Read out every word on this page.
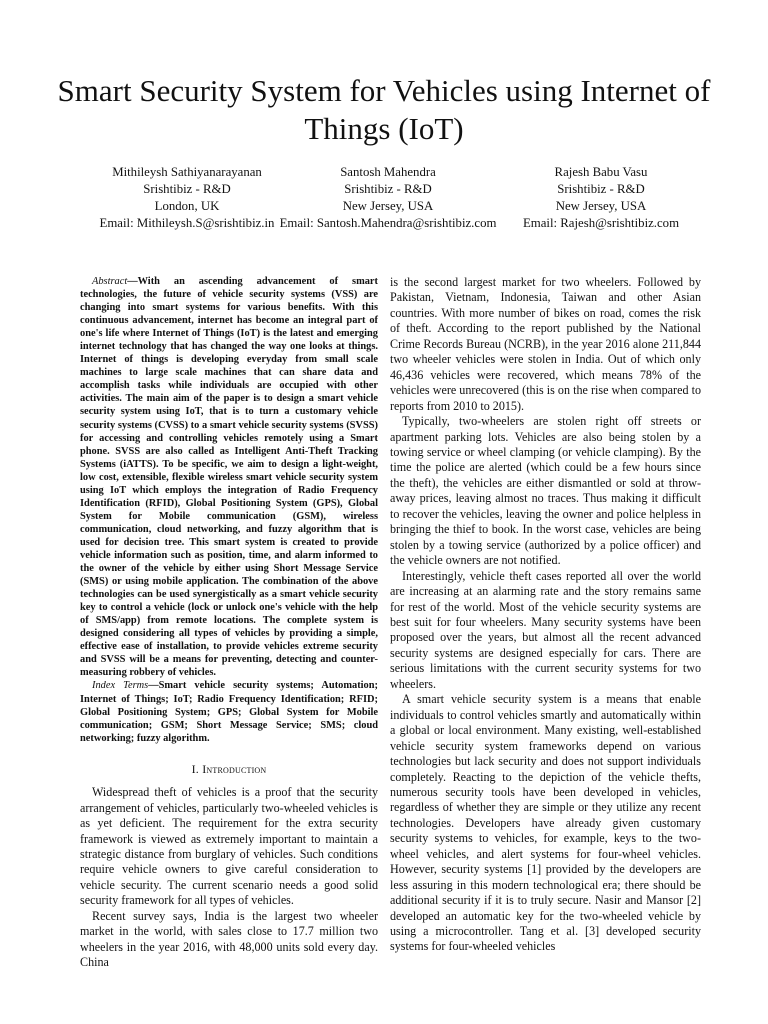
Smart Security System for Vehicles using Internet of Things (IoT)
Mithileysh Sathiyanarayanan
Srishtibiz - R&D
London, UK
Email: Mithileysh.S@srishtibiz.in
Santosh Mahendra
Srishtibiz - R&D
New Jersey, USA
Email: Santosh.Mahendra@srishtibiz.com
Rajesh Babu Vasu
Srishtibiz - R&D
New Jersey, USA
Email: Rajesh@srishtibiz.com

Abstract—With an ascending advancement of smart technologies, the future of vehicle security systems (VSS) are changing into smart systems for various benefits. With this continuous advancement, internet has become an integral part of one's life where Internet of Things (IoT) is the latest and emerging internet technology that has changed the way one looks at things. Internet of things is developing everyday from small scale machines to large scale machines that can share data and accomplish tasks while individuals are occupied with other activities. The main aim of the paper is to design a smart vehicle security system using IoT, that is to turn a customary vehicle security systems (CVSS) to a smart vehicle security systems (SVSS) for accessing and controlling vehicles remotely using a Smart phone. SVSS are also called as Intelligent Anti-Theft Tracking Systems (iATTS). To be specific, we aim to design a light-weight, low cost, extensible, flexible wireless smart vehicle security system using IoT which employs the integration of Radio Frequency Identification (RFID), Global Positioning System (GPS), Global System for Mobile communication (GSM), wireless communication, cloud networking, and fuzzy algorithm that is used for decision tree. This smart system is created to provide vehicle information such as position, time, and alarm informed to the owner of the vehicle by either using Short Message Service (SMS) or using mobile application. The combination of the above technologies can be used synergistically as a smart vehicle security key to control a vehicle (lock or unlock one's vehicle with the help of SMS/app) from remote locations. The complete system is designed considering all types of vehicles by providing a simple, effective ease of installation, to provide vehicles extreme security and SVSS will be a means for preventing, detecting and counter-measuring robbery of vehicles.

Index Terms—Smart vehicle security systems; Automation; Internet of Things; IoT; Radio Frequency Identification; RFID; Global Positioning System; GPS; Global System for Mobile communication; GSM; Short Message Service; SMS; cloud networking; fuzzy algorithm.

I. Introduction

Widespread theft of vehicles is a proof that the security arrangement of vehicles, particularly two-wheeled vehicles is as yet deficient. The requirement for the extra security framework is viewed as extremely important to maintain a strategic distance from burglary of vehicles. Such conditions require vehicle owners to give careful consideration to vehicle security. The current scenario needs a good solid security framework for all types of vehicles.

Recent survey says, India is the largest two wheeler market in the world, with sales close to 17.7 million two wheelers in the year 2016, with 48,000 units sold every day. China

is the second largest market for two wheelers. Followed by Pakistan, Vietnam, Indonesia, Taiwan and other Asian countries. With more number of bikes on road, comes the risk of theft. According to the report published by the National Crime Records Bureau (NCRB), in the year 2016 alone 211,844 two wheeler vehicles were stolen in India. Out of which only 46,436 vehicles were recovered, which means 78% of the vehicles were unrecovered (this is on the rise when compared to reports from 2010 to 2015).

Typically, two-wheelers are stolen right off streets or apartment parking lots. Vehicles are also being stolen by a towing service or wheel clamping (or vehicle clamping). By the time the police are alerted (which could be a few hours since the theft), the vehicles are either dismantled or sold at throw-away prices, leaving almost no traces. Thus making it difficult to recover the vehicles, leaving the owner and police helpless in bringing the thief to book. In the worst case, vehicles are being stolen by a towing service (authorized by a police officer) and the vehicle owners are not notified.

Interestingly, vehicle theft cases reported all over the world are increasing at an alarming rate and the story remains same for rest of the world. Most of the vehicle security systems are best suit for four wheelers. Many security systems have been proposed over the years, but almost all the recent advanced security systems are designed especially for cars. There are serious limitations with the current security systems for two wheelers.

A smart vehicle security system is a means that enable individuals to control vehicles smartly and automatically within a global or local environment. Many existing, well-established vehicle security system frameworks depend on various technologies but lack security and does not support individuals completely. Reacting to the depiction of the vehicle thefts, numerous security tools have been developed in vehicles, regardless of whether they are simple or they utilize any recent technologies. Developers have already given customary security systems to vehicles, for example, keys to the two-wheel vehicles, and alert systems for four-wheel vehicles. However, security systems [1] provided by the developers are less assuring in this modern technological era; there should be additional security if it is to truly secure. Nasir and Mansor [2] developed an automatic key for the two-wheeled vehicle by using a microcontroller. Tang et al. [3] developed security systems for four-wheeled vehicles
